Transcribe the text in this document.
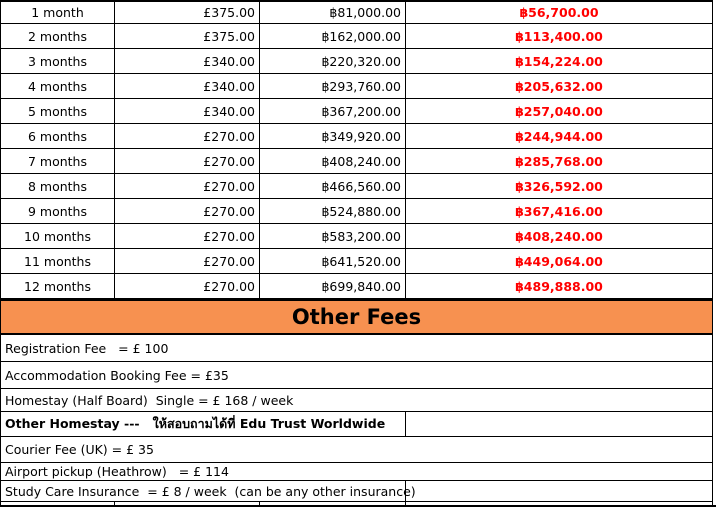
1 month	£375.00	฿81,000.00	฿56,700.00
2 months	£375.00	฿162,000.00	฿113,400.00
3 months	£340.00	฿220,320.00	฿154,224.00
4 months	£340.00	฿293,760.00	฿205,632.00
5 months	£340.00	฿367,200.00	฿257,040.00
6 months	£270.00	฿349,920.00	฿244,944.00
7 months	£270.00	฿408,240.00	฿285,768.00
8 months	£270.00	฿466,560.00	฿326,592.00
9 months	£270.00	฿524,880.00	฿367,416.00
10 months	£270.00	฿583,200.00	฿408,240.00
11 months	£270.00	฿641,520.00	฿449,064.00
12 months	£270.00	฿699,840.00	฿489,888.00
Other Fees
Registration Fee   = £ 100
Accommodation Booking Fee = £35
Homestay (Half Board)  Single = £ 168 / week
Other Homestay ---   ให้สอบถามได้ที่ Edu Trust Worldwide
Courier Fee (UK) = £ 35
Airport pickup (Heathrow)   = £ 114
Study Care Insurance  = £ 8 / week  (can be any other insurance)
